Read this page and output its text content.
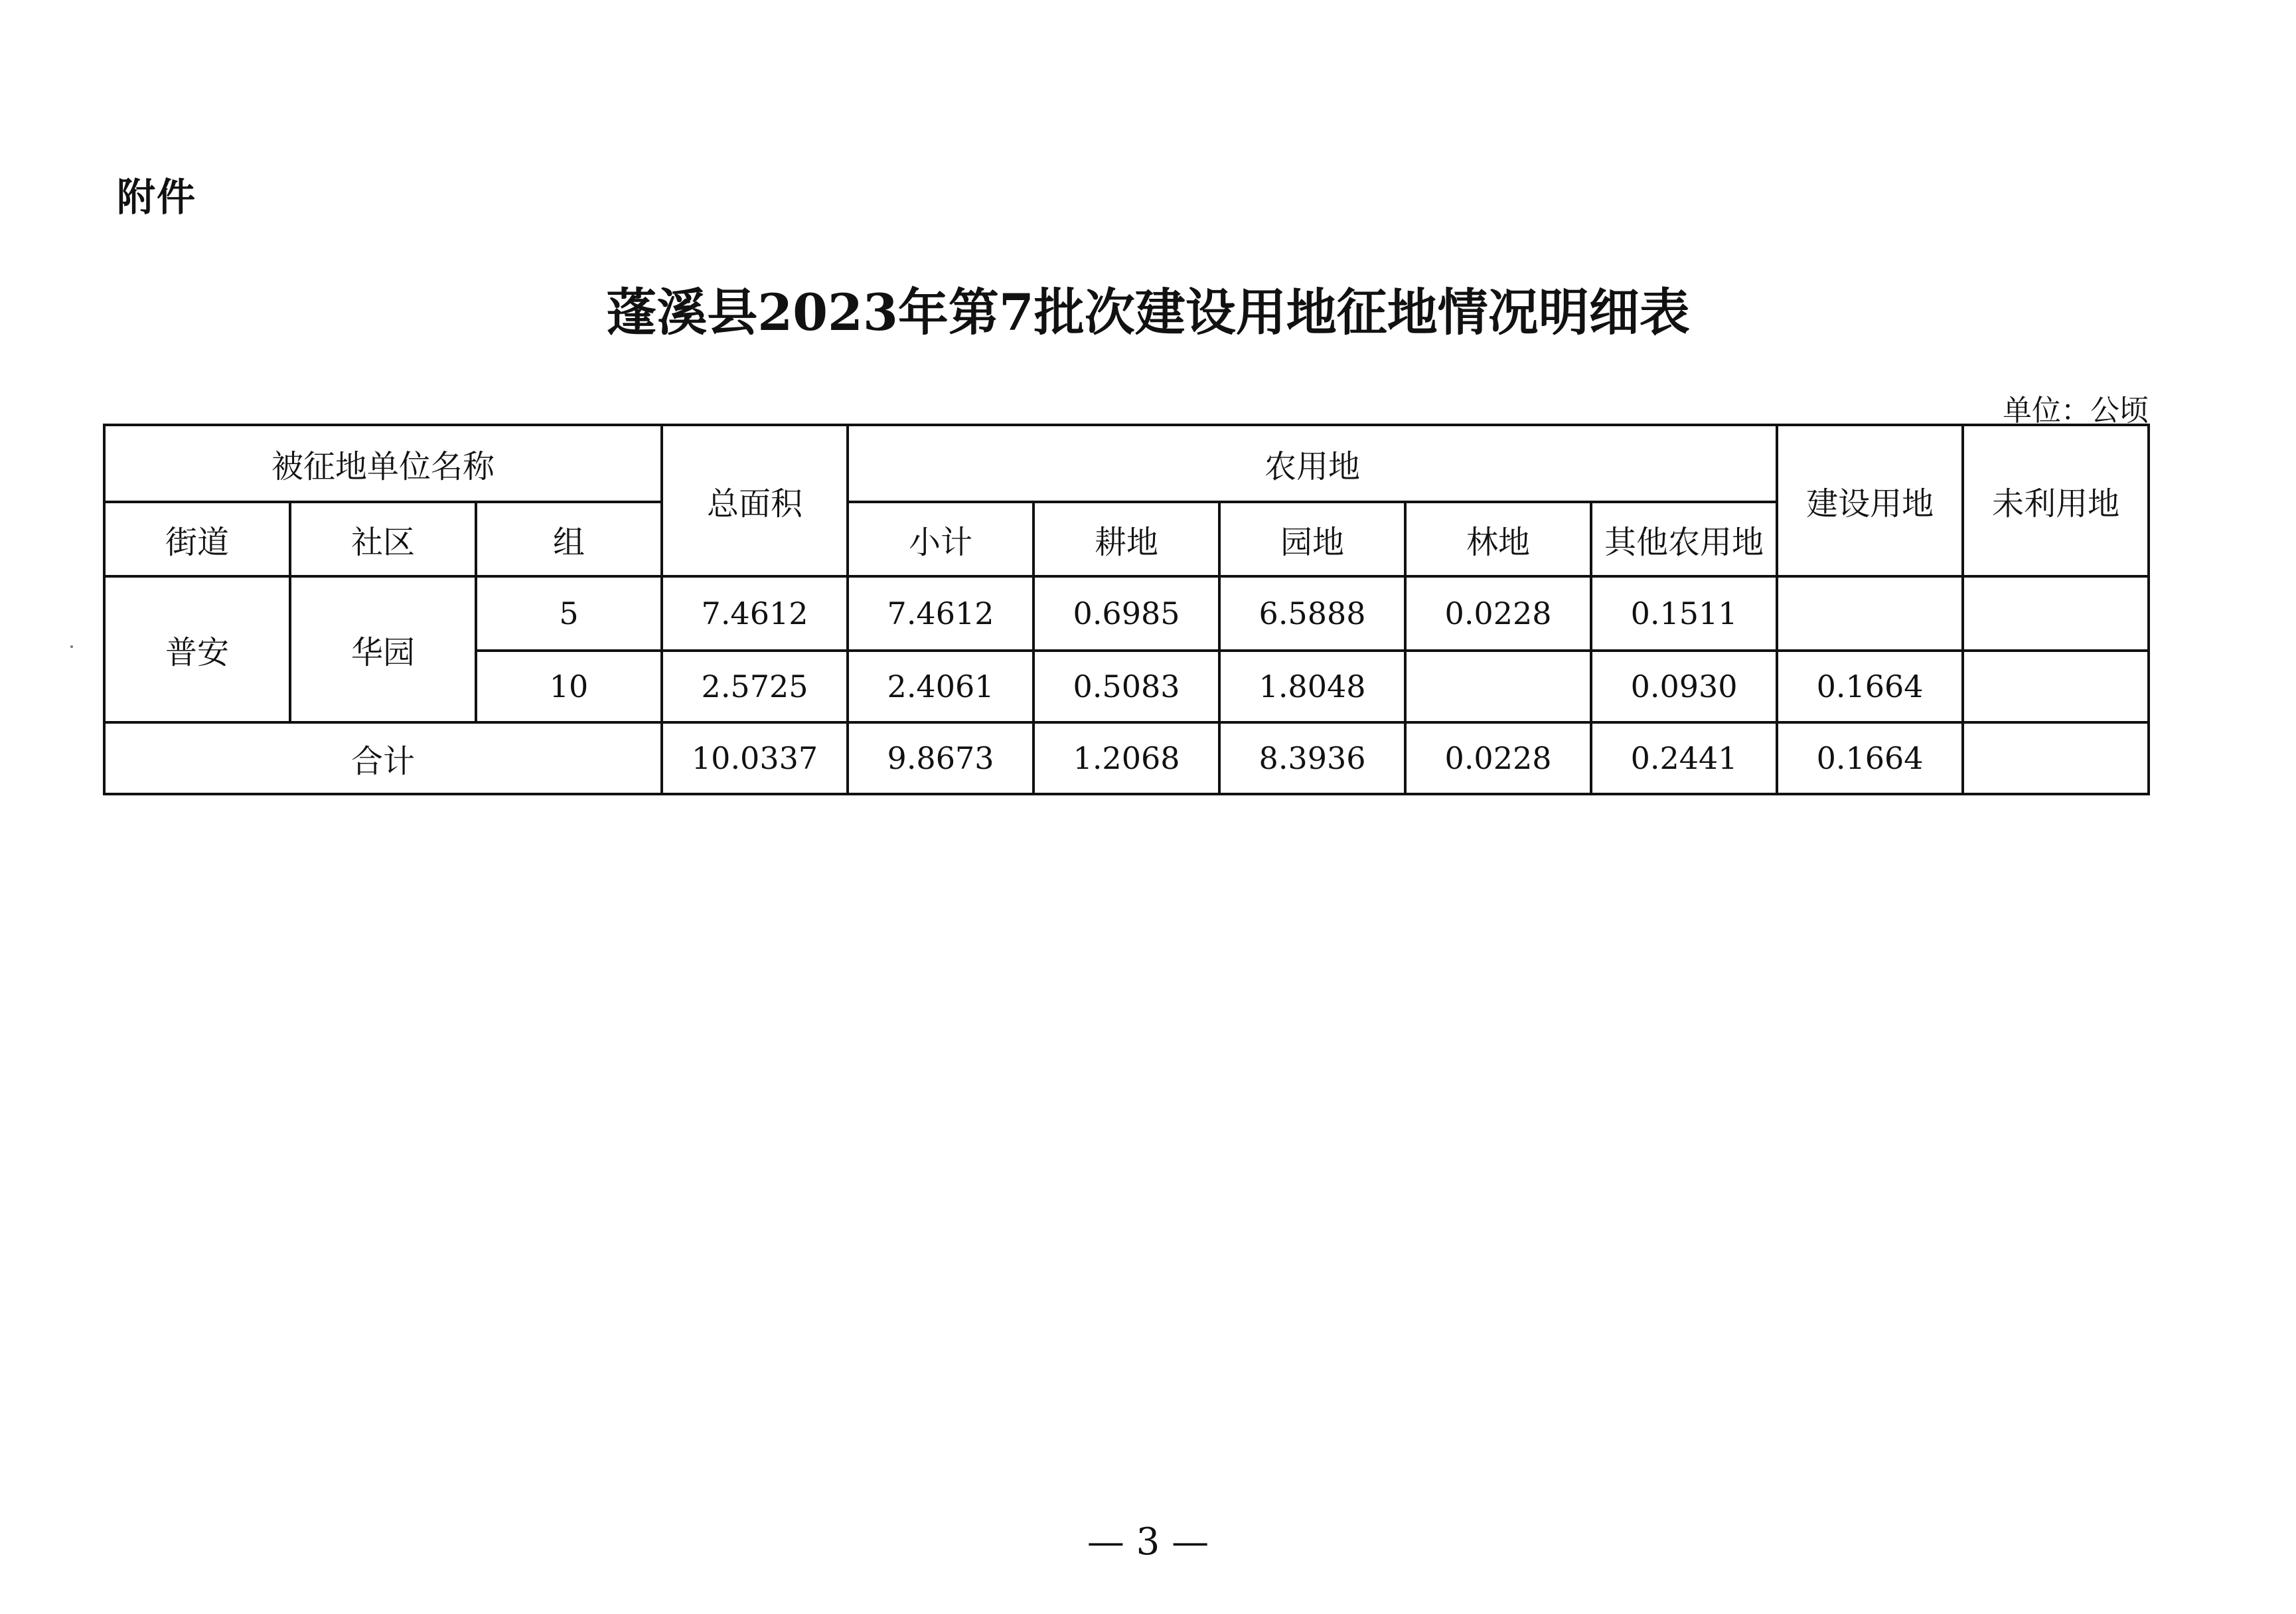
附件
蓬溪县2023年第7批次建设用地征地情况明细表
单位：公顷
被征地单位名称			总面积	农用地					建设用地	未利用地
街道	社区	组		小计	耕地	园地	林地	其他农用地		
普安	华园	5	7.4612	7.4612	0.6985	6.5888	0.0228	0.1511		
		10	2.5725	2.4061	0.5083	1.8048		0.0930	0.1664	
合计			10.0337	9.8673	1.2068	8.3936	0.0228	0.2441	0.1664	
— 3 —
